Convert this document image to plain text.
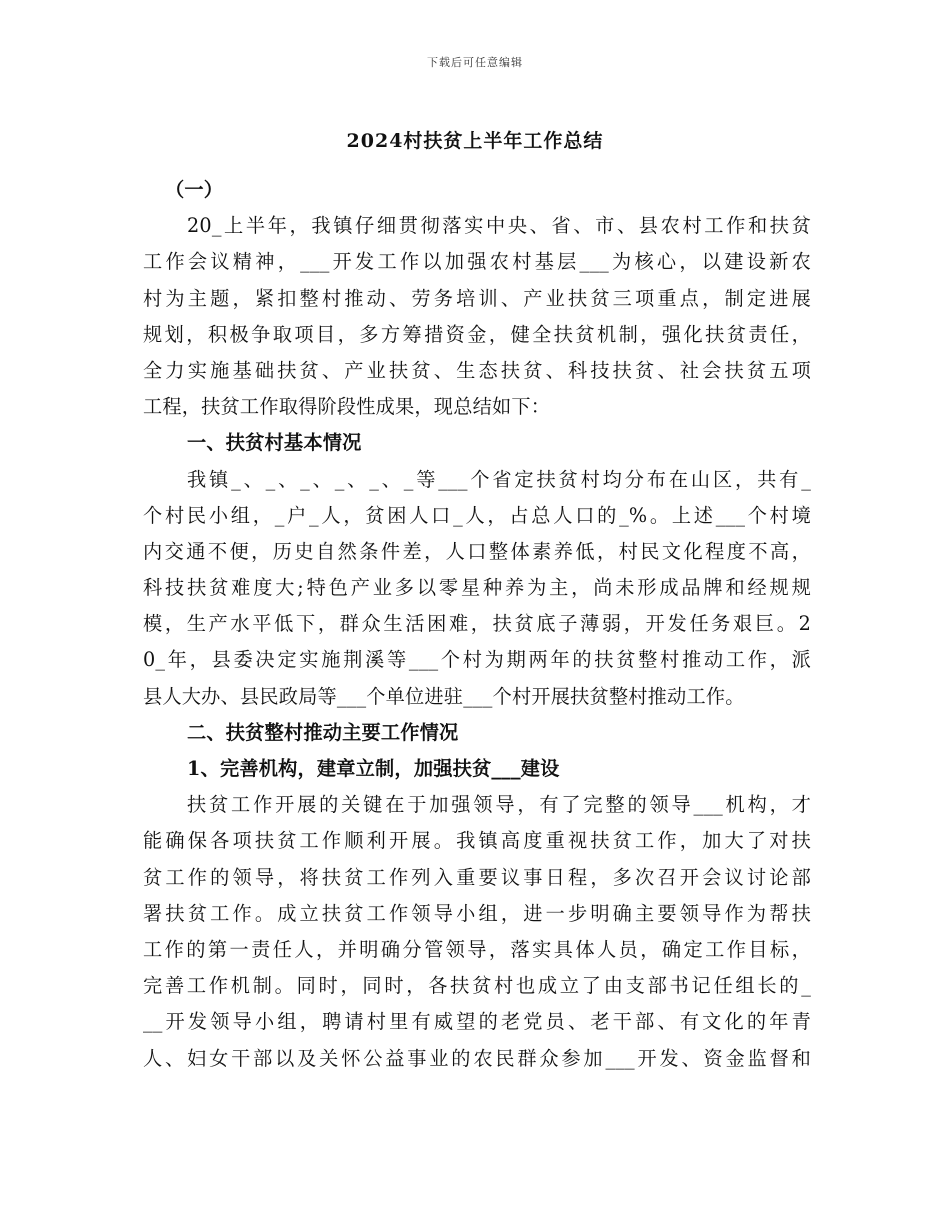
下载后可任意编辑
2024村扶贫上半年工作总结
（一）
20_上半年，我镇仔细贯彻落实中央、省、市、县农村工作和扶贫
工作会议精神，___开发工作以加强农村基层___为核心，以建设新农
村为主题，紧扣整村推动、劳务培训、产业扶贫三项重点，制定进展
规划，积极争取项目，多方筹措资金，健全扶贫机制，强化扶贫责任，
全力实施基础扶贫、产业扶贫、生态扶贫、科技扶贫、社会扶贫五项
工程，扶贫工作取得阶段性成果，现总结如下：
一、扶贫村基本情况
我镇_、_、_、_、_、_等___个省定扶贫村均分布在山区，共有_
个村民小组，_户_人，贫困人口_人，占总人口的_%。上述___个村境
内交通不便，历史自然条件差，人口整体素养低，村民文化程度不高，
科技扶贫难度大;特色产业多以零星种养为主，尚未形成品牌和经规规
模，生产水平低下，群众生活困难，扶贫底子薄弱，开发任务艰巨。2
0_年，县委决定实施荆溪等___个村为期两年的扶贫整村推动工作，派
县人大办、县民政局等___个单位进驻___个村开展扶贫整村推动工作。
二、扶贫整村推动主要工作情况
1、完善机构，建章立制，加强扶贫___建设
扶贫工作开展的关键在于加强领导，有了完整的领导___机构，才
能确保各项扶贫工作顺利开展。我镇高度重视扶贫工作，加大了对扶
贫工作的领导，将扶贫工作列入重要议事日程，多次召开会议讨论部
署扶贫工作。成立扶贫工作领导小组，进一步明确主要领导作为帮扶
工作的第一责任人，并明确分管领导，落实具体人员，确定工作目标，
完善工作机制。同时，同时，各扶贫村也成立了由支部书记任组长的_
__开发领导小组，聘请村里有威望的老党员、老干部、有文化的年青
人、妇女干部以及关怀公益事业的农民群众参加___开发、资金监督和
